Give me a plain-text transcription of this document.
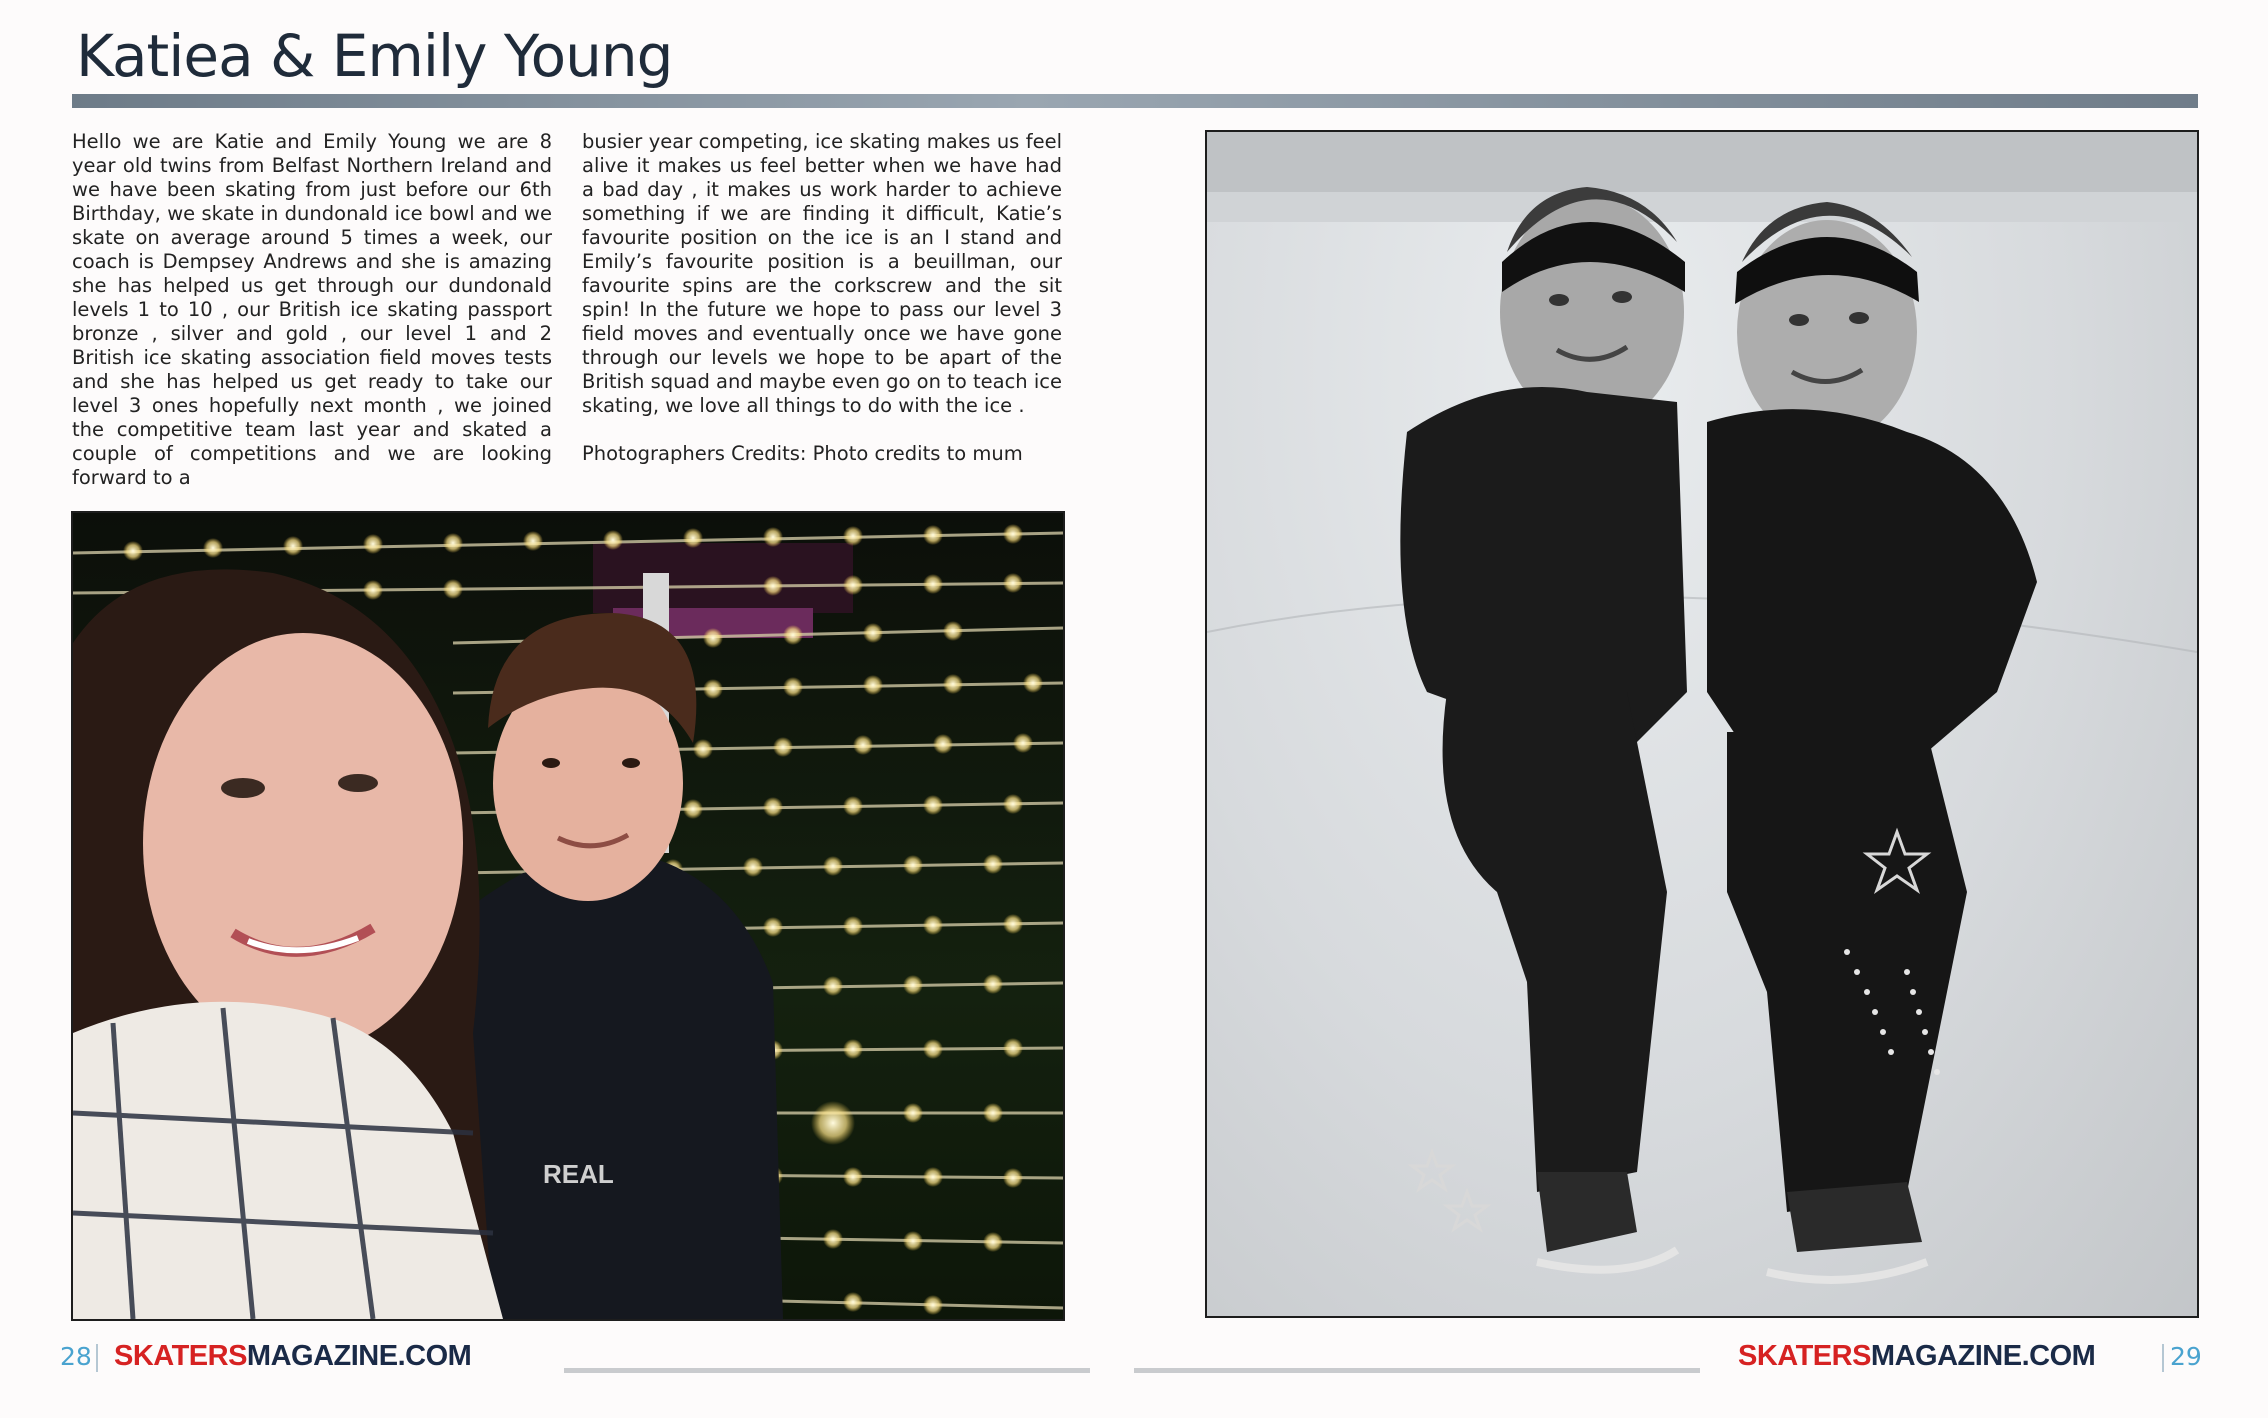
Katiea & Emily Young

Hello we are Katie and Emily Young we are 8 year old twins from Belfast Northern Ireland and we have been skating from just before our 6th Birthday, we skate in dundonald ice bowl and we skate on average around 5 times a week, our coach is Dempsey Andrews and she is amazing she has helped us get through our dundonald levels 1 to 10 , our British ice skating passport bronze , silver and gold , our level 1 and 2 British ice skating association field moves tests and she has helped us get ready to take our level 3 ones hopefully next month , we joined the competitive team last year and skated a couple of competitions and we are looking forward to a

busier year competing, ice skating makes us feel alive it makes us feel better when we have had a bad day , it makes us work harder to achieve something if we are finding it difficult, Katie’s favourite position on the ice is an I stand and Emily’s favourite position is a beuillman, our favourite spins are the corkscrew and the sit spin! In the future we hope to pass our level 3 field moves and eventually once we have gone through our levels we hope to be apart of the British squad and maybe even go on to teach ice skating, we love all things to do with the ice .

Photographers Credits: Photo credits to mum

REAL
28 SKATERSMAGAZINE.COM	SKATERSMAGAZINE.COM	29
